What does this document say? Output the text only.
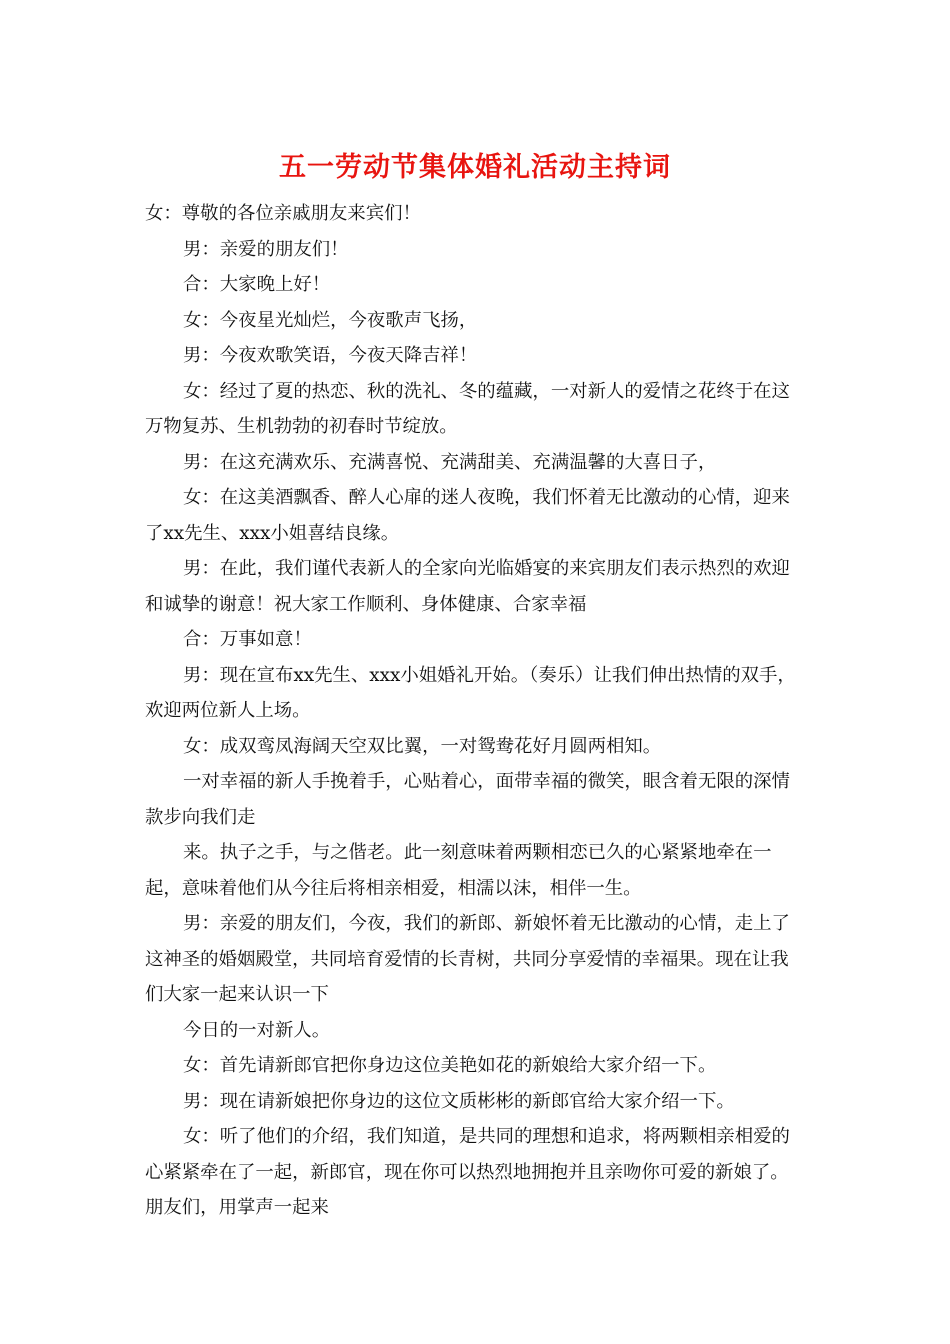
五一劳动节集体婚礼活动主持词

女：尊敬的各位亲戚朋友来宾们！

男：亲爱的朋友们！

合：大家晚上好！

女：今夜星光灿烂，今夜歌声飞扬，

男：今夜欢歌笑语，今夜天降吉祥！

女：经过了夏的热恋、秋的洗礼、冬的蕴藏，一对新人的爱情之花终于在这万物复苏、生机勃勃的初春时节绽放。

男：在这充满欢乐、充满喜悦、充满甜美、充满温馨的大喜日子，

女：在这美酒飘香、醉人心扉的迷人夜晚，我们怀着无比激动的心情，迎来了xx先生、xxx小姐喜结良缘。

男：在此，我们谨代表新人的全家向光临婚宴的来宾朋友们表示热烈的欢迎和诚挚的谢意！祝大家工作顺利、身体健康、合家幸福

合：万事如意！

男：现在宣布xx先生、xxx小姐婚礼开始。（奏乐）让我们伸出热情的双手，欢迎两位新人上场。

女：成双鸾凤海阔天空双比翼，一对鸳鸯花好月圆两相知。

一对幸福的新人手挽着手，心贴着心，面带幸福的微笑，眼含着无限的深情款步向我们走

来。执子之手，与之偕老。此一刻意味着两颗相恋已久的心紧紧地牵在一起，意味着他们从今往后将相亲相爱，相濡以沫，相伴一生。

男：亲爱的朋友们，今夜，我们的新郎、新娘怀着无比激动的心情，走上了这神圣的婚姻殿堂，共同培育爱情的长青树，共同分享爱情的幸福果。现在让我们大家一起来认识一下

今日的一对新人。

女：首先请新郎官把你身边这位美艳如花的新娘给大家介绍一下。

男：现在请新娘把你身边的这位文质彬彬的新郎官给大家介绍一下。

女：听了他们的介绍，我们知道，是共同的理想和追求，将两颗相亲相爱的心紧紧牵在了一起，新郎官，现在你可以热烈地拥抱并且亲吻你可爱的新娘了。朋友们，用掌声一起来
